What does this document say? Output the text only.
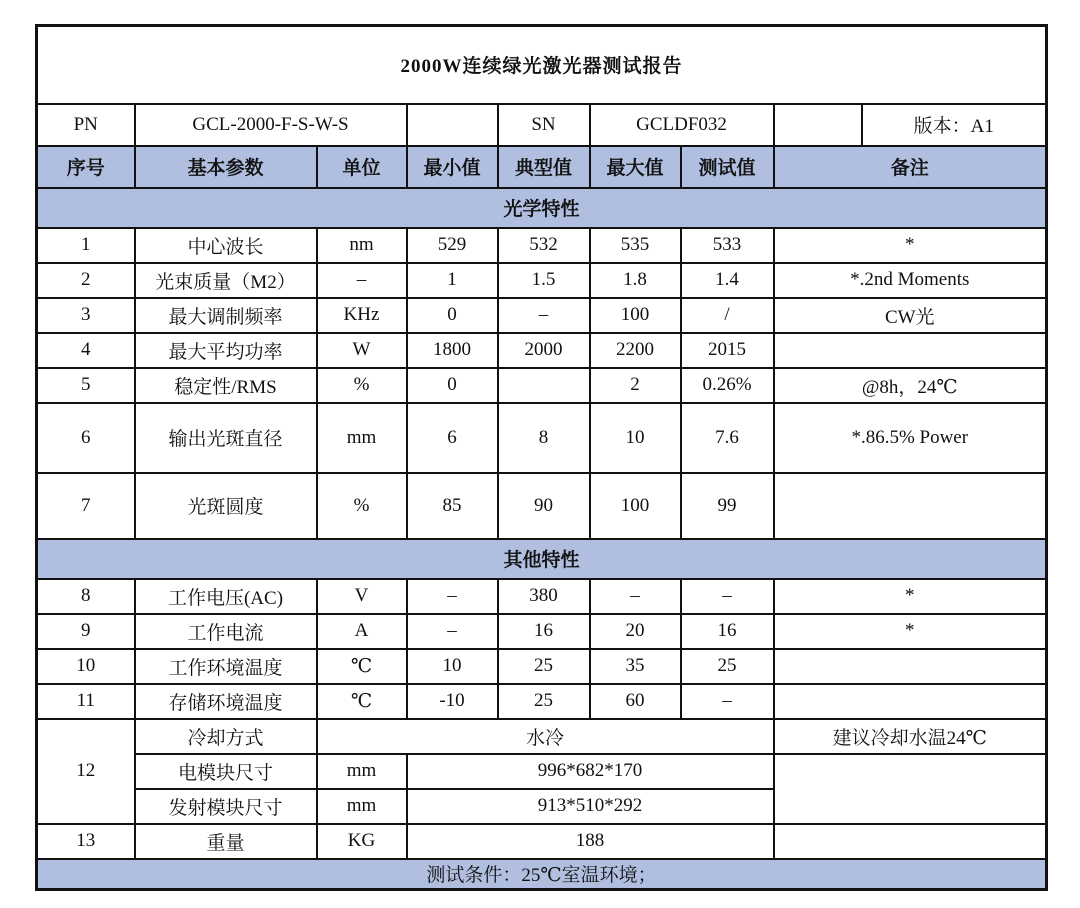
2000W连续绿光激光器测试报告								
PN	GCL-2000-F-S-W-S			SN	GCLDF032			版本：A1
序号	基本参数	单位	最小值	典型值	最大值	测试值	备注	
光学特性								
1	中心波长	nm	529	532	535	533	*	
2	光束质量（M2）	–	1	1.5	1.8	1.4	*.2nd Moments	
3	最大调制频率	KHz	0	–	100	/	CW光	
4	最大平均功率	W	1800	2000	2200	2015		
5	稳定性/RMS	%	0		2	0.26%	@8h，24℃	
6	输出光斑直径	mm	6	8	10	7.6	*.86.5% Power	
7	光斑圆度	%	85	90	100	99		
其他特性								
8	工作电压(AC)	V	–	380	–	–	*	
9	工作电流	A	–	16	20	16	*	
10	工作环境温度	℃	10	25	35	25		
11	存储环境温度	℃	-10	25	60	–		
12	冷却方式	水冷					建议冷却水温24℃	
	电模块尺寸	mm	996*682*170					
	发射模块尺寸	mm	913*510*292					
13	重量	KG	188					
测试条件：25℃室温环境；								
